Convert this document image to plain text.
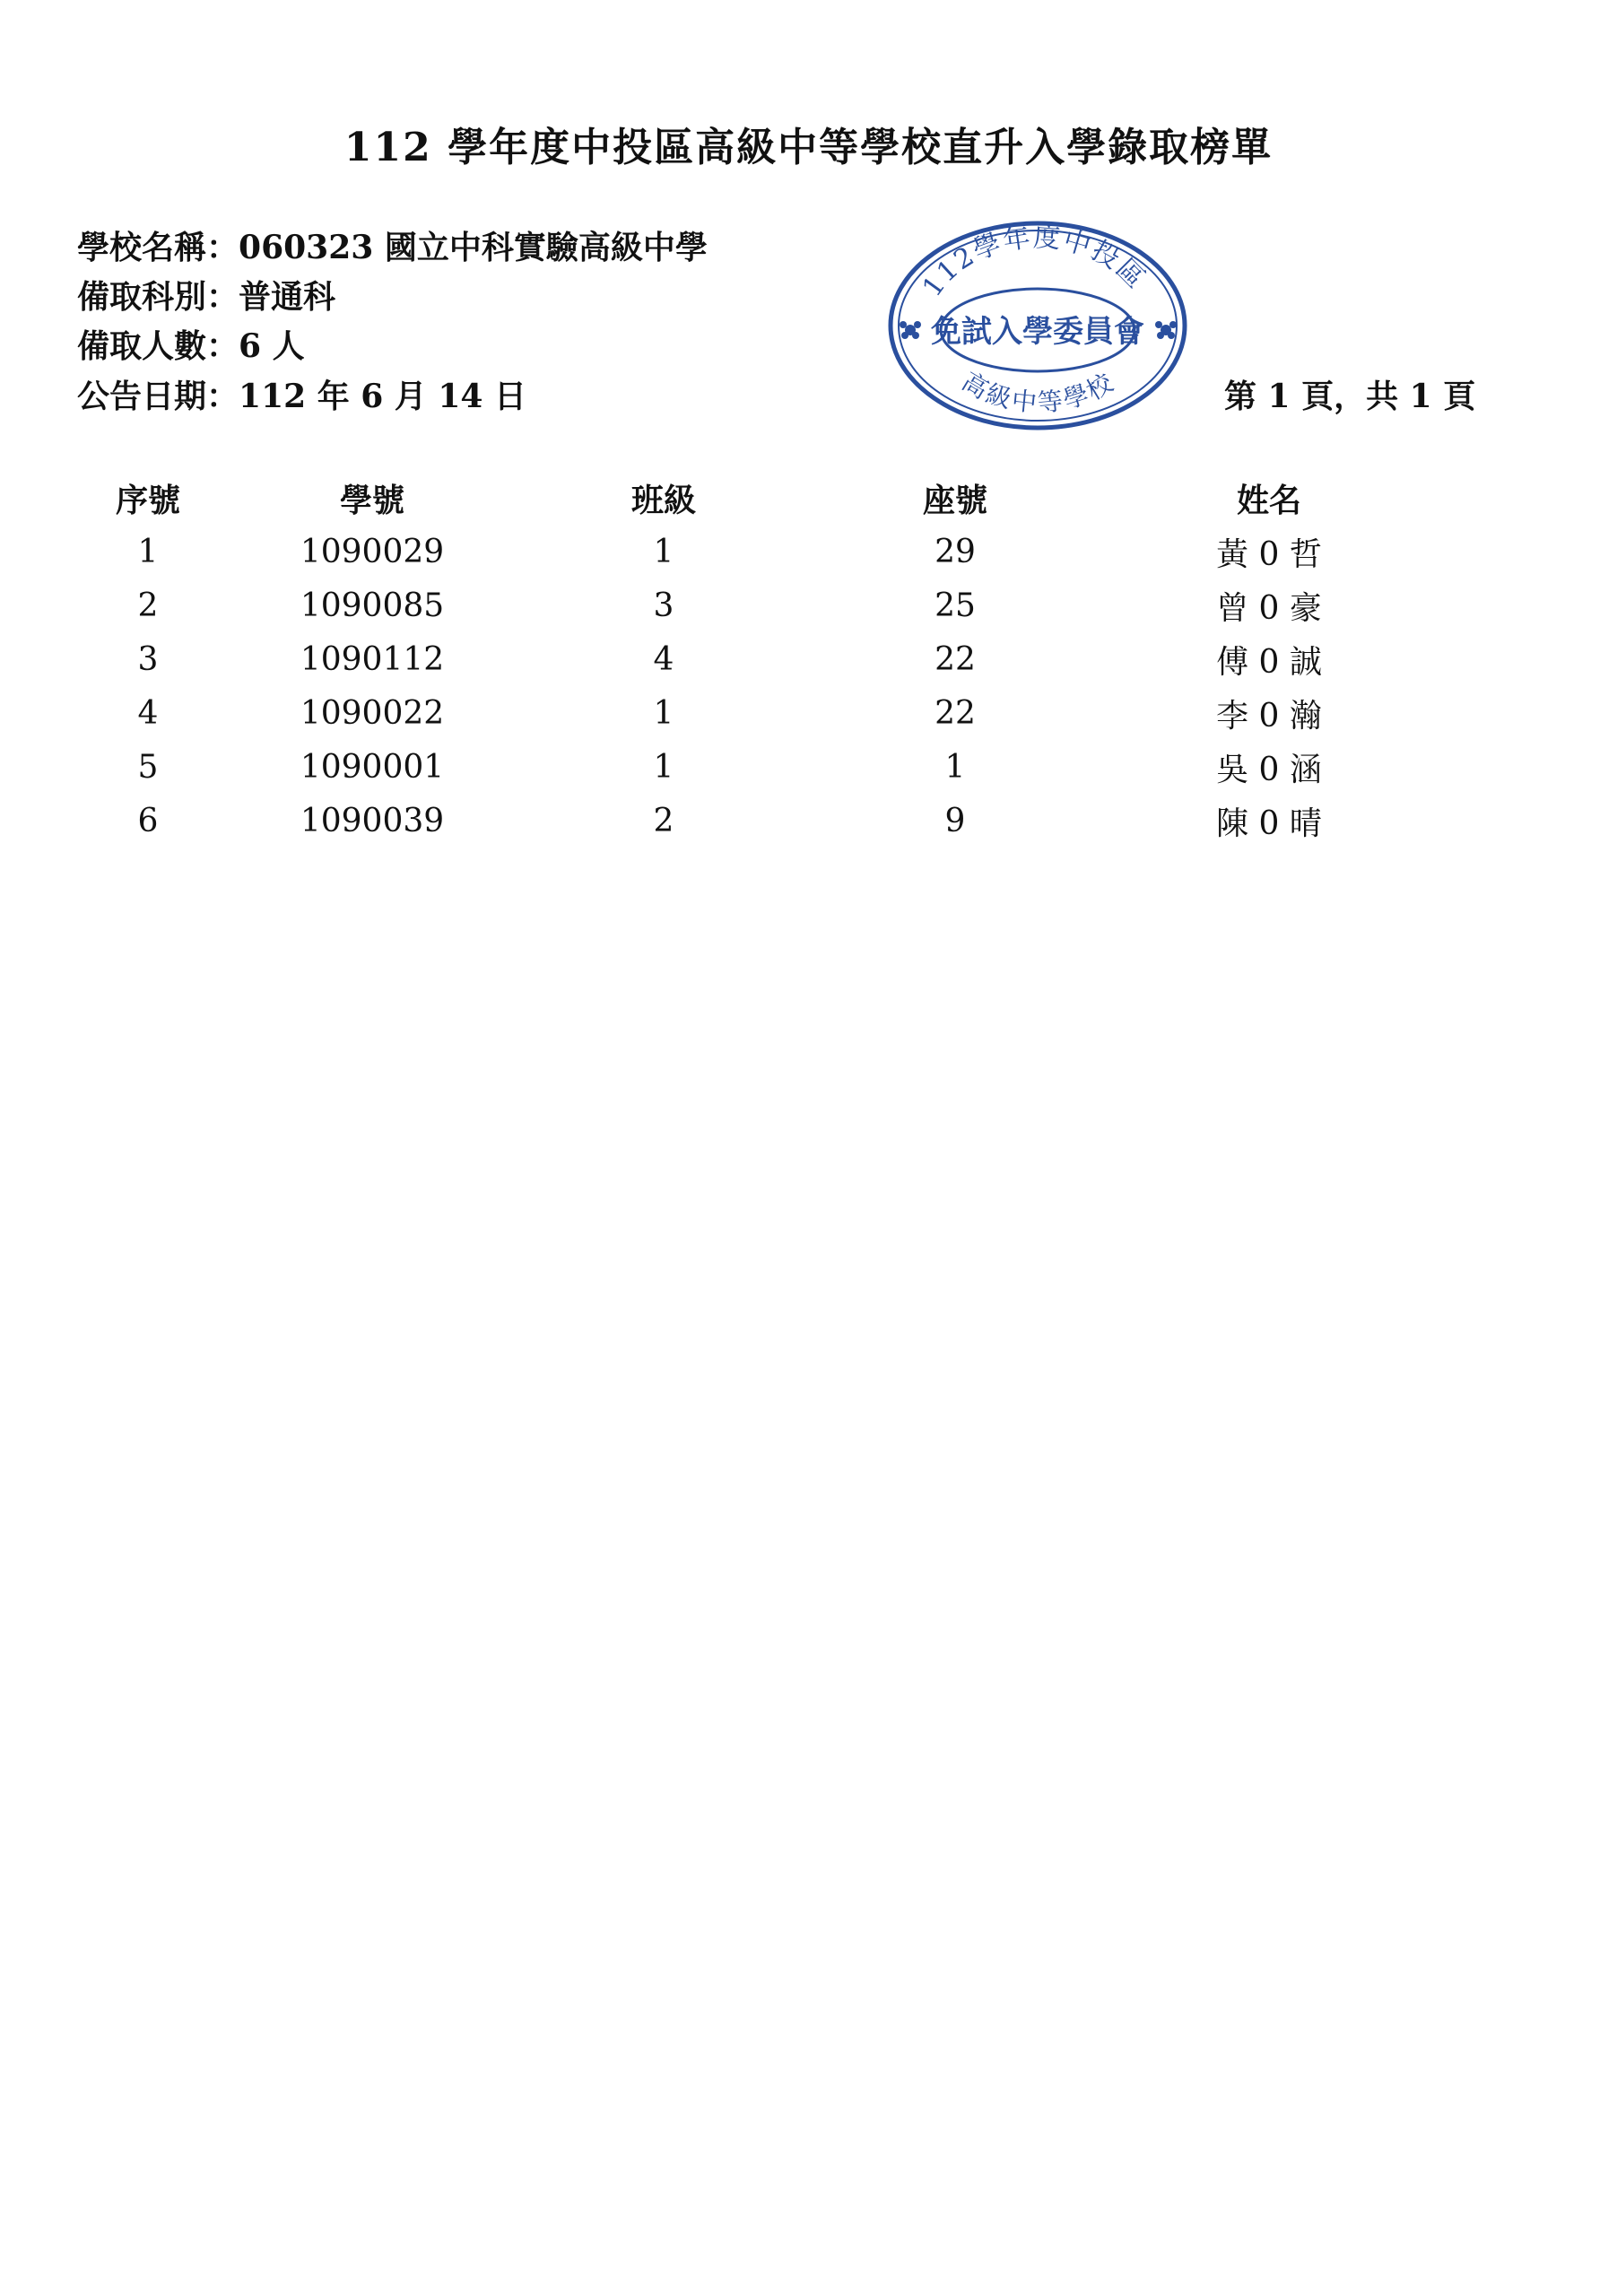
112 學年度中投區高級中等學校直升入學錄取榜單
學校名稱：060323 國立中科實驗高級中學
備取科別：普通科
備取人數：6 人
公告日期：112 年 6 月 14 日	第 1 頁，共 1 頁
112學年度中投區
免試入學委員會
高級中等學校
序號	學號	班級	座號	姓名
1	1090029	1	29	黃 0 哲
2	1090085	3	25	曾 0 豪
3	1090112	4	22	傅 0 誠
4	1090022	1	22	李 0 瀚
5	1090001	1	1	吳 0 涵
6	1090039	2	9	陳 0 晴
